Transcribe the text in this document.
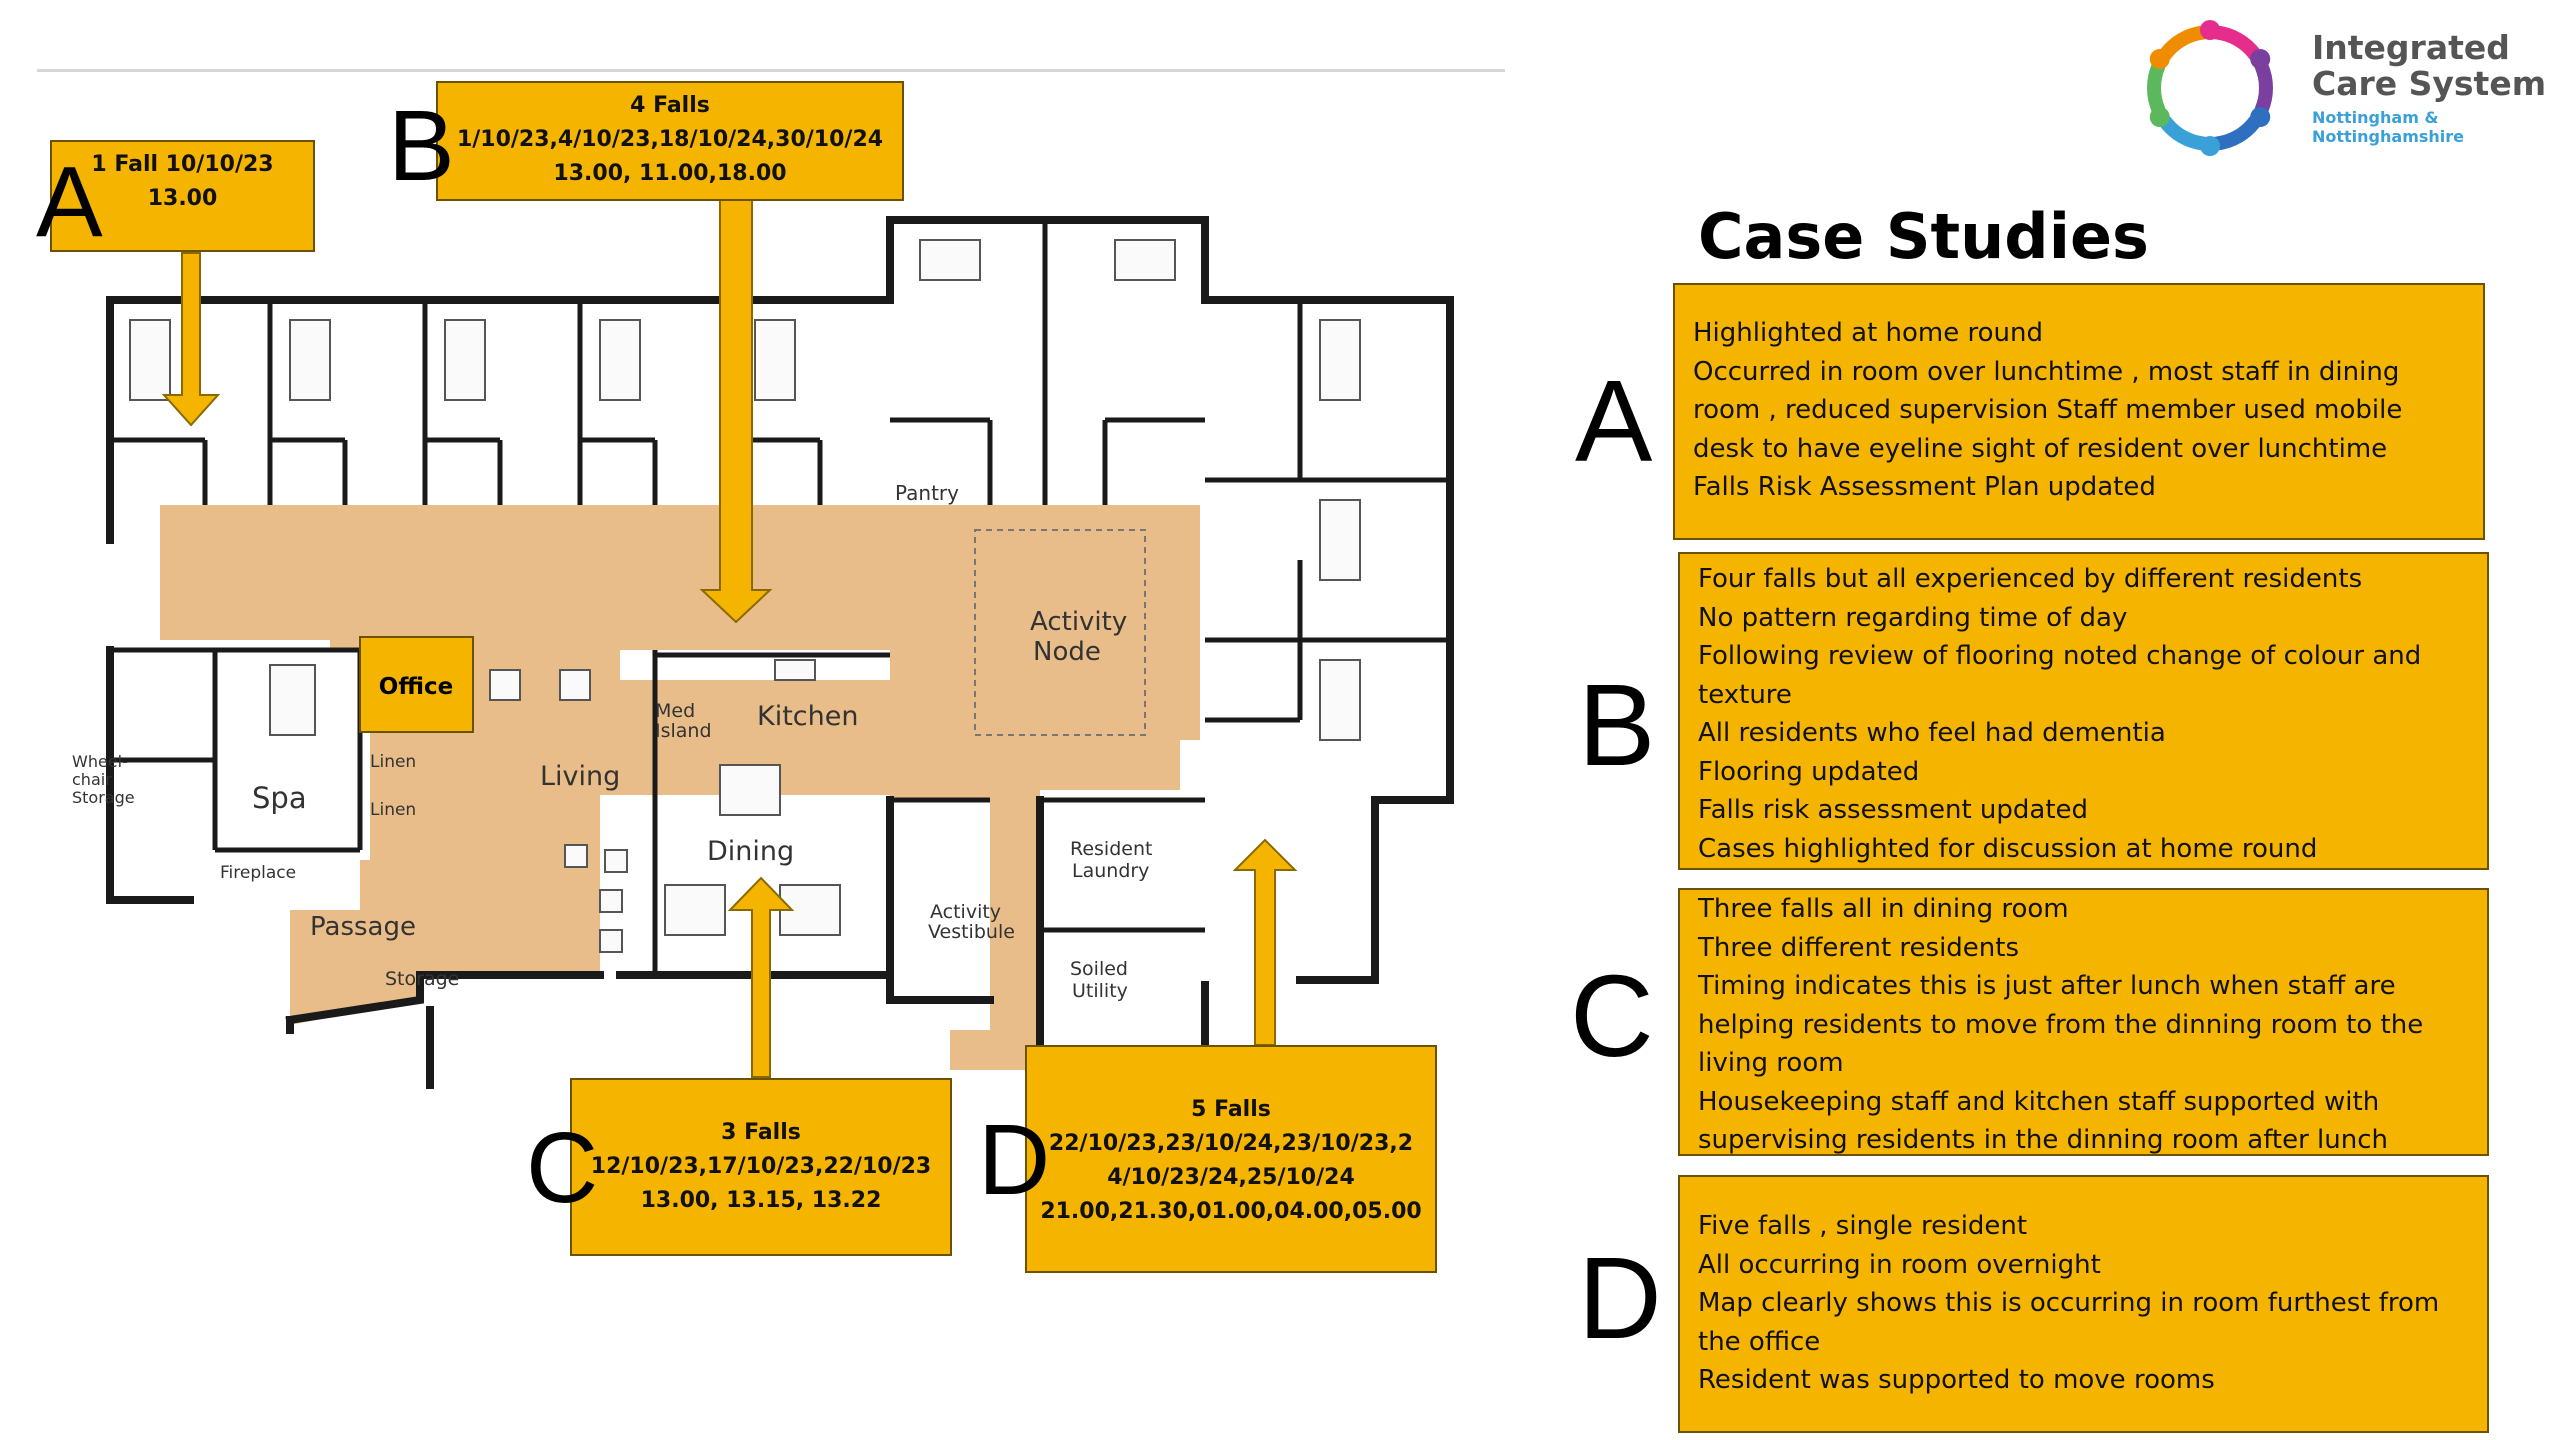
Pantry
Activity
Node
Med
Island Kitchen
Living
Dining
Spa
Linen
Linen
Wheel-
chair
Storage
Fireplace
Passage
Storage
Activity
Vestibule
Resident
Laundry
Soiled
Utility
Office
1 Fall 10/10/23
13.00
A
4 Falls
1/10/23,4/10/23,18/10/24,30/10/24
13.00, 11.00,18.00
B
3 Falls
12/10/23,17/10/23,22/10/23
13.00, 13.15, 13.22
C
5 Falls
22/10/23,23/10/24,23/10/23,2
4/10/23/24,25/10/24
21.00,21.30,01.00,04.00,05.00
D
Integrated
Care System
Nottingham & Nottinghamshire
Case Studies
A
B
C
D
Highlighted at home round
Occurred in room over lunchtime , most staff in dining
room , reduced supervision Staff member used mobile
desk to have eyeline sight of resident over lunchtime
Falls Risk Assessment Plan updated
Four falls but all experienced by different residents
No pattern regarding time of day
Following review of flooring noted change of colour and
texture
All residents who feel had dementia
Flooring updated
Falls risk assessment updated
Cases highlighted for discussion at home round
Three falls all in dining room
Three different residents
Timing indicates this is just after lunch when staff are
helping residents to move from the dinning room to the
living room
Housekeeping staff and kitchen staff supported with
supervising residents in the dinning room after lunch
Five falls , single resident
All occurring in room overnight
Map clearly shows this is occurring in room furthest from
the office
Resident was supported to move rooms
